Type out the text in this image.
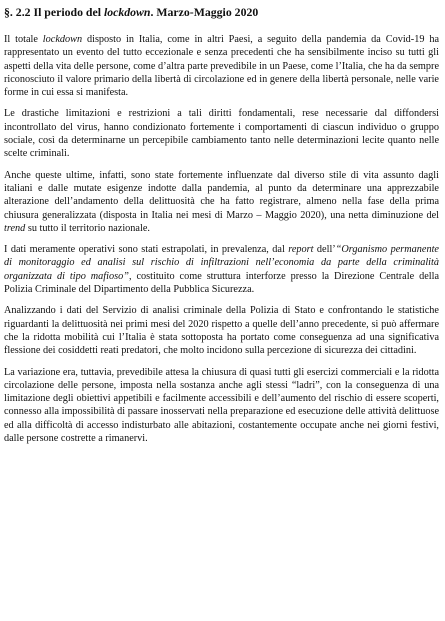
§. 2.2 Il periodo del lockdown. Marzo-Maggio 2020

Il totale lockdown disposto in Italia, come in altri Paesi, a seguito della pandemia da Covid-19 ha rappresentato un evento del tutto eccezionale e senza precedenti che ha sensibilmente inciso su tutti gli aspetti della vita delle persone, come d’altra parte prevedibile in un Paese, come l’Italia, che ha da sempre riconosciuto il valore primario della libertà di circolazione ed in genere della libertà personale, nelle varie forme in cui essa si manifesta.

Le drastiche limitazioni e restrizioni a tali diritti fondamentali, rese necessarie dal diffondersi incontrollato del virus, hanno condizionato fortemente i comportamenti di ciascun individuo o gruppo sociale, così da determinarne un percepibile cambiamento tanto nelle determinazioni lecite quanto nelle scelte criminali.

Anche queste ultime, infatti, sono state fortemente influenzate dal diverso stile di vita assunto dagli italiani e dalle mutate esigenze indotte dalla pandemia, al punto da determinare una apprezzabile alterazione dell’andamento della delittuosità che ha fatto registrare, almeno nella fase della prima chiusura generalizzata (disposta in Italia nei mesi di Marzo – Maggio 2020), una netta diminuzione del trend su tutto il territorio nazionale.

I dati meramente operativi sono stati estrapolati, in prevalenza, dal report dell’“Organismo permanente di monitoraggio ed analisi sul rischio di infiltrazioni nell’economia da parte della criminalità organizzata di tipo mafioso”, costituito come struttura interforze presso la Direzione Centrale della Polizia Criminale del Dipartimento della Pubblica Sicurezza.

Analizzando i dati del Servizio di analisi criminale della Polizia di Stato e confrontando le statistiche riguardanti la delittuosità nei primi mesi del 2020 rispetto a quelle dell’anno precedente, si può affermare che la ridotta mobilità cui l’Italia è stata sottoposta ha portato come conseguenza ad una significativa flessione dei cosiddetti reati predatori, che molto incidono sulla percezione di sicurezza dei cittadini.

La variazione era, tuttavia, prevedibile attesa la chiusura di quasi tutti gli esercizi commerciali e la ridotta circolazione delle persone, imposta nella sostanza anche agli stessi “ladri”, con la conseguenza di una limitazione degli obiettivi appetibili e facilmente accessibili e dell’aumento del rischio di essere scoperti, connesso alla impossibilità di passare inosservati nella preparazione ed esecuzione delle attività delittuose ed alla difficoltà di accesso indisturbato alle abitazioni, costantemente occupate anche nei giorni festivi, dalle persone costrette a rimanervi.
